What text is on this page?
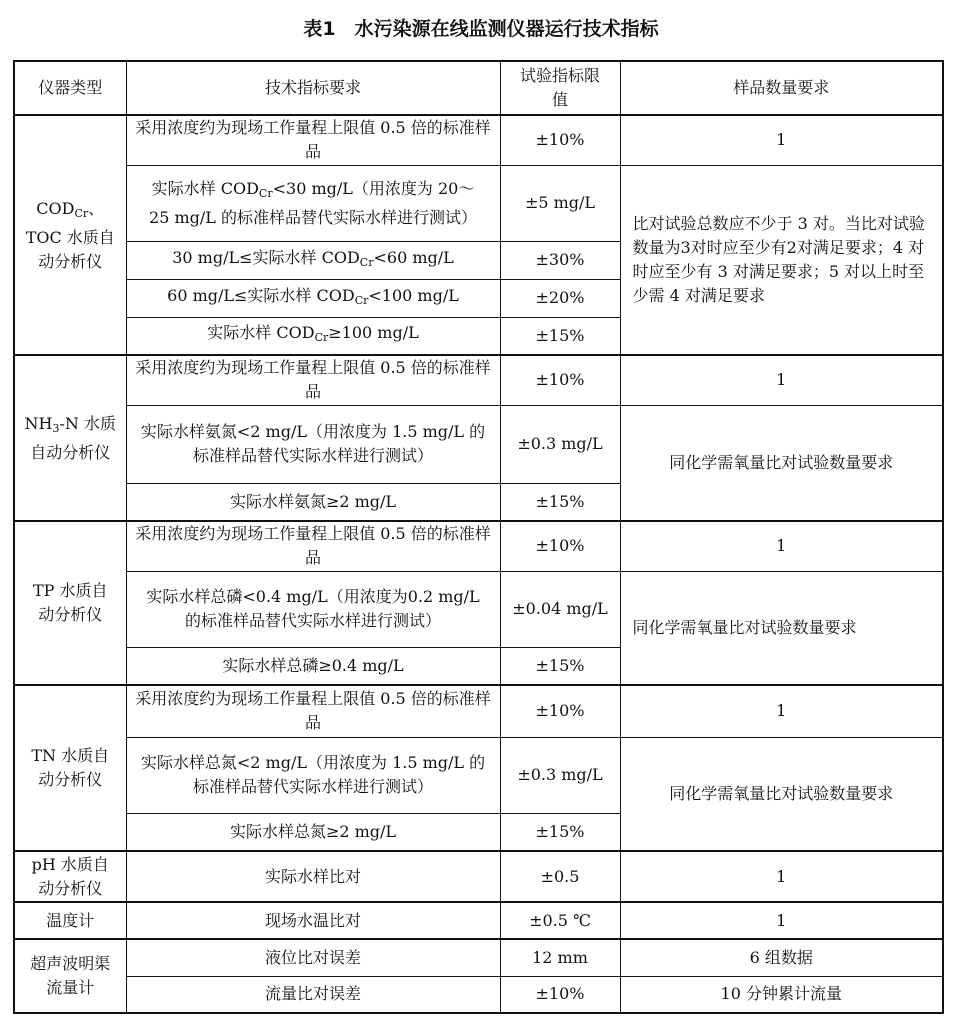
表1　水污染源在线监测仪器运行技术指标
仪器类型	技术指标要求	试验指标限值	样品数量要求
$COD_{Cr}$、TOC 水质自动分析仪	采用浓度约为现场工作量程上限值 0.5 倍的标准样品	±10%	1
	实际水样 $COD_{Cr}<30$ mg/L（用浓度为 20～25 mg/L 的标准样品替代实际水样进行测试）	±5 mg/L	比对试验总数应不少于 3 对。当比对试验数量为3对时应至少有2对满足要求；4 对时应至少有 3 对满足要求；5 对以上时至少需 4 对满足要求
	30 mg/L≤实际水样 $COD_{Cr}<60$ mg/L	±30%	
	60 mg/L≤实际水样 $COD_{Cr}<100$ mg/L	±20%	
	实际水样 $COD_{Cr}\ge 100$ mg/L	±15%	
NH3-N 水质自动分析仪	采用浓度约为现场工作量程上限值 0.5 倍的标准样品	±10%	1
	实际水样氨氮<2 mg/L（用浓度为 1.5 mg/L 的标准样品替代实际水样进行测试）	±0.3 mg/L	同化学需氧量比对试验数量要求
	实际水样氨氮≥2 mg/L	±15%	
TP 水质自动分析仪	采用浓度约为现场工作量程上限值 0.5 倍的标准样品	±10%	1
	实际水样总磷<0.4 mg/L（用浓度为0.2 mg/L的标准样品替代实际水样进行测试）	±0.04 mg/L	同化学需氧量比对试验数量要求
	实际水样总磷≥0.4 mg/L	±15%	
TN 水质自动分析仪	采用浓度约为现场工作量程上限值 0.5 倍的标准样品	±10%	1
	实际水样总氮<2 mg/L（用浓度为 1.5 mg/L 的标准样品替代实际水样进行测试）	±0.3 mg/L	同化学需氧量比对试验数量要求
	实际水样总氮≥2 mg/L	±15%	
pH 水质自动分析仪	实际水样比对	±0.5	1
温度计	现场水温比对	±0.5 ℃	1
超声波明渠流量计	液位比对误差	12 mm	6 组数据
	流量比对误差	±10%	10 分钟累计流量
